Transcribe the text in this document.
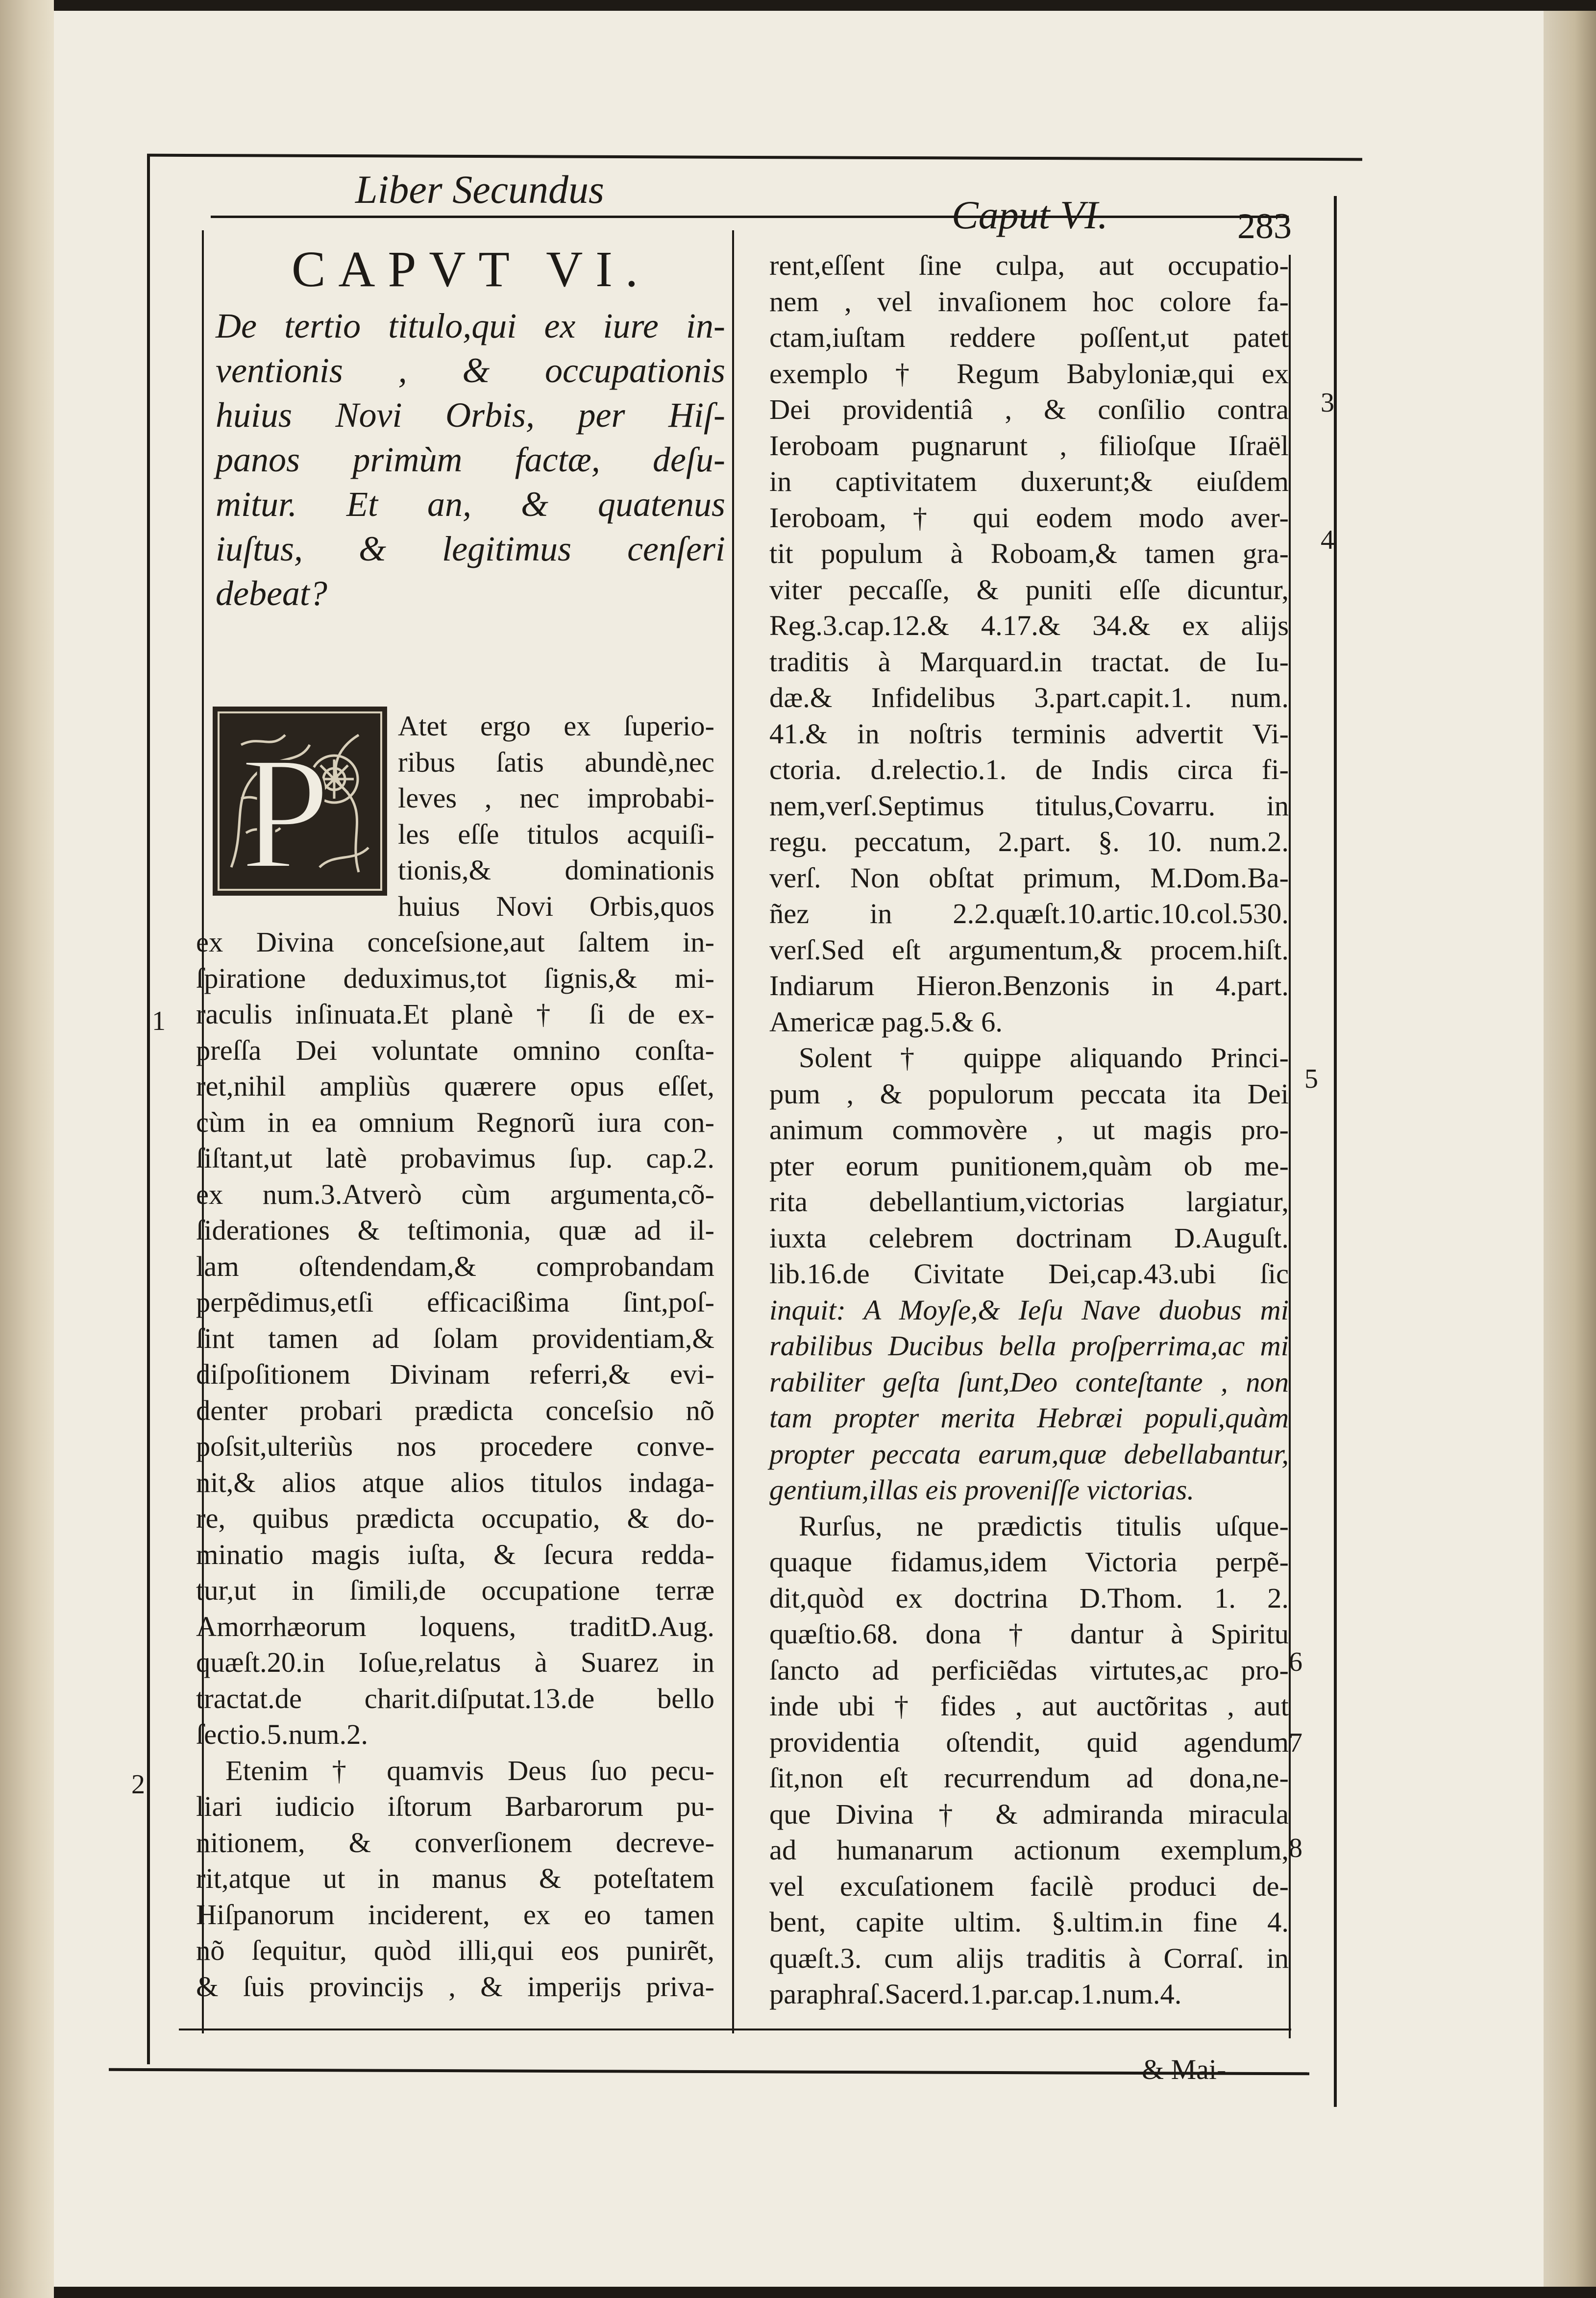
Liber Secundus
Caput VI.	283
CAPVT VI.
De tertio titulo,qui ex iure in-
ventionis , & occupationis
huius Novi Orbis, per Hiſ-
panos primùm factæ, deſu-
mitur. Et an, & quatenus
iuſtus, & legitimus cenſeri
debeat?
P Atet ergo ex ſuperio-
ribus ſatis abundè,nec
leves , nec improbabi-
les eſſe titulos acquiſi-
tionis,& dominationis
huius Novi Orbis,quos
ex Divina conceſsione,aut ſaltem in-
ſpiratione deduximus,tot ſignis,& mi-
raculis inſinuata.Et planè † ſi de ex-
preſſa Dei voluntate omnino conſta-
ret,nihil ampliùs quærere opus eſſet,
cùm in ea omnium Regnorũ iura con-
ſiſtant,ut latè probavimus ſup. cap.2.
ex num.3.Atverò cùm argumenta,cõ-
ſiderationes & teſtimonia, quæ ad il-
lam oſtendendam,& comprobandam
perpẽdimus,etſi efficacißima ſint,poſ-
ſint tamen ad ſolam providentiam,&
diſpoſitionem Divinam referri,& evi-
denter probari prædicta conceſsio nõ
poſsit,ulteriùs nos procedere conve-
nit,& alios atque alios titulos indaga-
re, quibus prædicta occupatio, & do-
minatio magis iuſta, & ſecura redda-
tur,ut in ſimili,de occupatione terræ
Amorrhæorum loquens, traditD.Aug.
quæſt.20.in Ioſue,relatus à Suarez in
tractat.de charit.diſputat.13.de bello
ſectio.5.num.2.
Etenim † quamvis Deus ſuo pecu-
liari iudicio iſtorum Barbarorum pu-
nitionem, & converſionem decreve-
rit,atque ut in manus & poteſtatem
Hiſpanorum inciderent, ex eo tamen
nõ ſequitur, quòd illi,qui eos punirẽt,
& ſuis provincijs , & imperijs priva-
rent,eſſent ſine culpa, aut occupatio-
nem , vel invaſionem hoc colore fa-
ctam,iuſtam reddere poſſent,ut patet
exemplo † Regum Babyloniæ,qui ex
Dei providentiâ , & conſilio contra
Ieroboam pugnarunt , filioſque Iſraël
in captivitatem duxerunt;& eiuſdem
Ieroboam, † qui eodem modo aver-
tit populum à Roboam,& tamen gra-
viter peccaſſe, & puniti eſſe dicuntur,
Reg.3.cap.12.& 4.17.& 34.& ex alijs
traditis à Marquard.in tractat. de Iu-
dæ.& Infidelibus 3.part.capit.1. num.
41.& in noſtris terminis advertit Vi-
ctoria. d.relectio.1. de Indis circa fi-
nem,verſ.Septimus titulus,Covarru. in
regu. peccatum, 2.part. §. 10. num.2.
verſ. Non obſtat primum, M.Dom.Ba-
ñez in 2.2.quæſt.10.artic.10.col.530.
verſ.Sed eſt argumentum,& procem.hiſt.
Indiarum Hieron.Benzonis in 4.part.
Americæ pag.5.& 6.
Solent † quippe aliquando Princi-
pum , & populorum peccata ita Dei
animum commovère , ut magis pro-
pter eorum punitionem,quàm ob me-
rita debellantium,victorias largiatur,
iuxta celebrem doctrinam D.Auguſt.
lib.16.de Civitate Dei,cap.43.ubi ſic
inquit: A Moyſe,& Ieſu Nave duobus mi
rabilibus Ducibus bella proſperrima,ac mi
rabiliter geſta ſunt,Deo conteſtante , non
tam propter merita Hebræi populi,quàm
propter peccata earum,quæ debellabantur,
gentium,illas eis proveniſſe victorias.
Rurſus, ne prædictis titulis uſque-
quaque fidamus,idem Victoria perpẽ-
dit,quòd ex doctrina D.Thom. 1. 2.
quæſtio.68. dona † dantur à Spiritu
ſancto ad perficiẽdas virtutes,ac pro-
inde ubi † fides , aut auctõritas , aut
providentia oſtendit, quid agendum
ſit,non eſt recurrendum ad dona,ne-
que Divina † & admiranda miracula
ad humanarum actionum exemplum,
vel excuſationem facilè produci de-
bent, capite ultim. §.ultim.in fine 4.
quæſt.3. cum alijs traditis à Corraſ. in
paraphraſ.Sacerd.1.par.cap.1.num.4.
1
2
3
4
5
6
7
8
& Mai-
